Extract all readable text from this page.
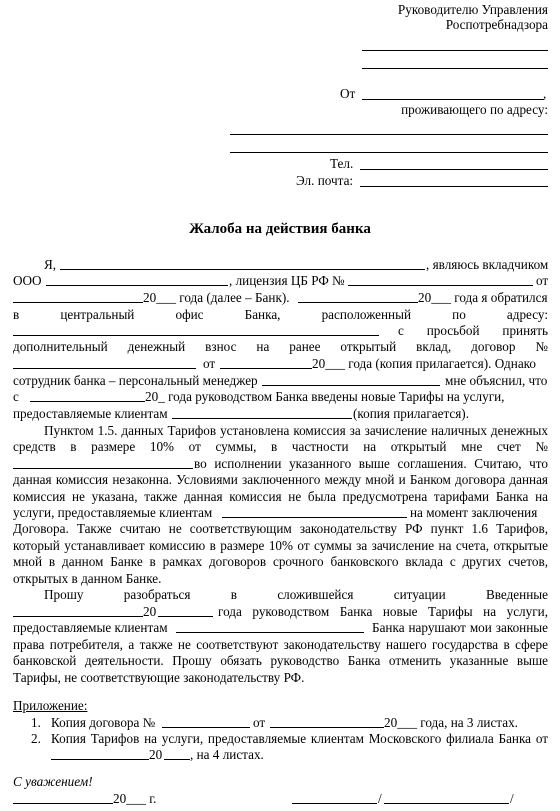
Руководителю Управления
Роспотребнадзора
От	,
проживающего по адресу:
Тел.
Эл. почта:
Жалоба на действия банка
Я,	, являюсь вкладчиком
ООО	, лицензия ЦБ РФ №	от
20___ года (далее – Банк).	20___ года я обратился
в центральный офис Банка, расположенный по адресу:
с просьбой принять
дополнительный денежный взнос на ранее открытый вклад, договор №
от	20___ года (копия прилагается). Однако
сотрудник банка – персональный менеджер	мне объяснил, что
с	20_ года руководством Банка введены новые Тарифы на услуги,
предоставляемые клиентам	(копия прилагается).
Пунктом 1.5. данных Тарифов установлена комиссия за зачисление наличных денежных
средств в размере 10% от суммы, в частности на открытый мне счет №
во исполнении указанного выше соглашения. Считаю, что
данная комиссия незаконна. Условиями заключенного между мной и Банком договора данная
комиссия не указана, также данная комиссия не была предусмотрена тарифами Банка на
услуги, предоставляемые клиентам	на момент заключения
Договора. Также считаю не соответствующим законодательству РФ пункт 1.6 Тарифов,
который устанавливает комиссию в размере 10% от суммы за зачисление на счета, открытые
мной в данном Банке в рамках договоров срочного банковского вклада с других счетов,
открытых в данном Банке.
Прошу разобраться в сложившейся ситуации Введенные
20	года руководством Банка новые Тарифы на услуги,
предоставляемые клиентам	Банка нарушают мои законные
права потребителя, а также не соответствуют законодательству нашего государства в сфере
банковской деятельности. Прошу обязать руководство Банка отменить указанные выше
Тарифы, не соответствующие законодательству РФ.
Приложение:
1. Копия договора №	от	20___ года, на 3 листах.
2. Копия Тарифов на услуги, предоставляемые клиентам Московского филиала Банка от
20 , на 4 листах.
С уважением!
20___ г.	/	/
